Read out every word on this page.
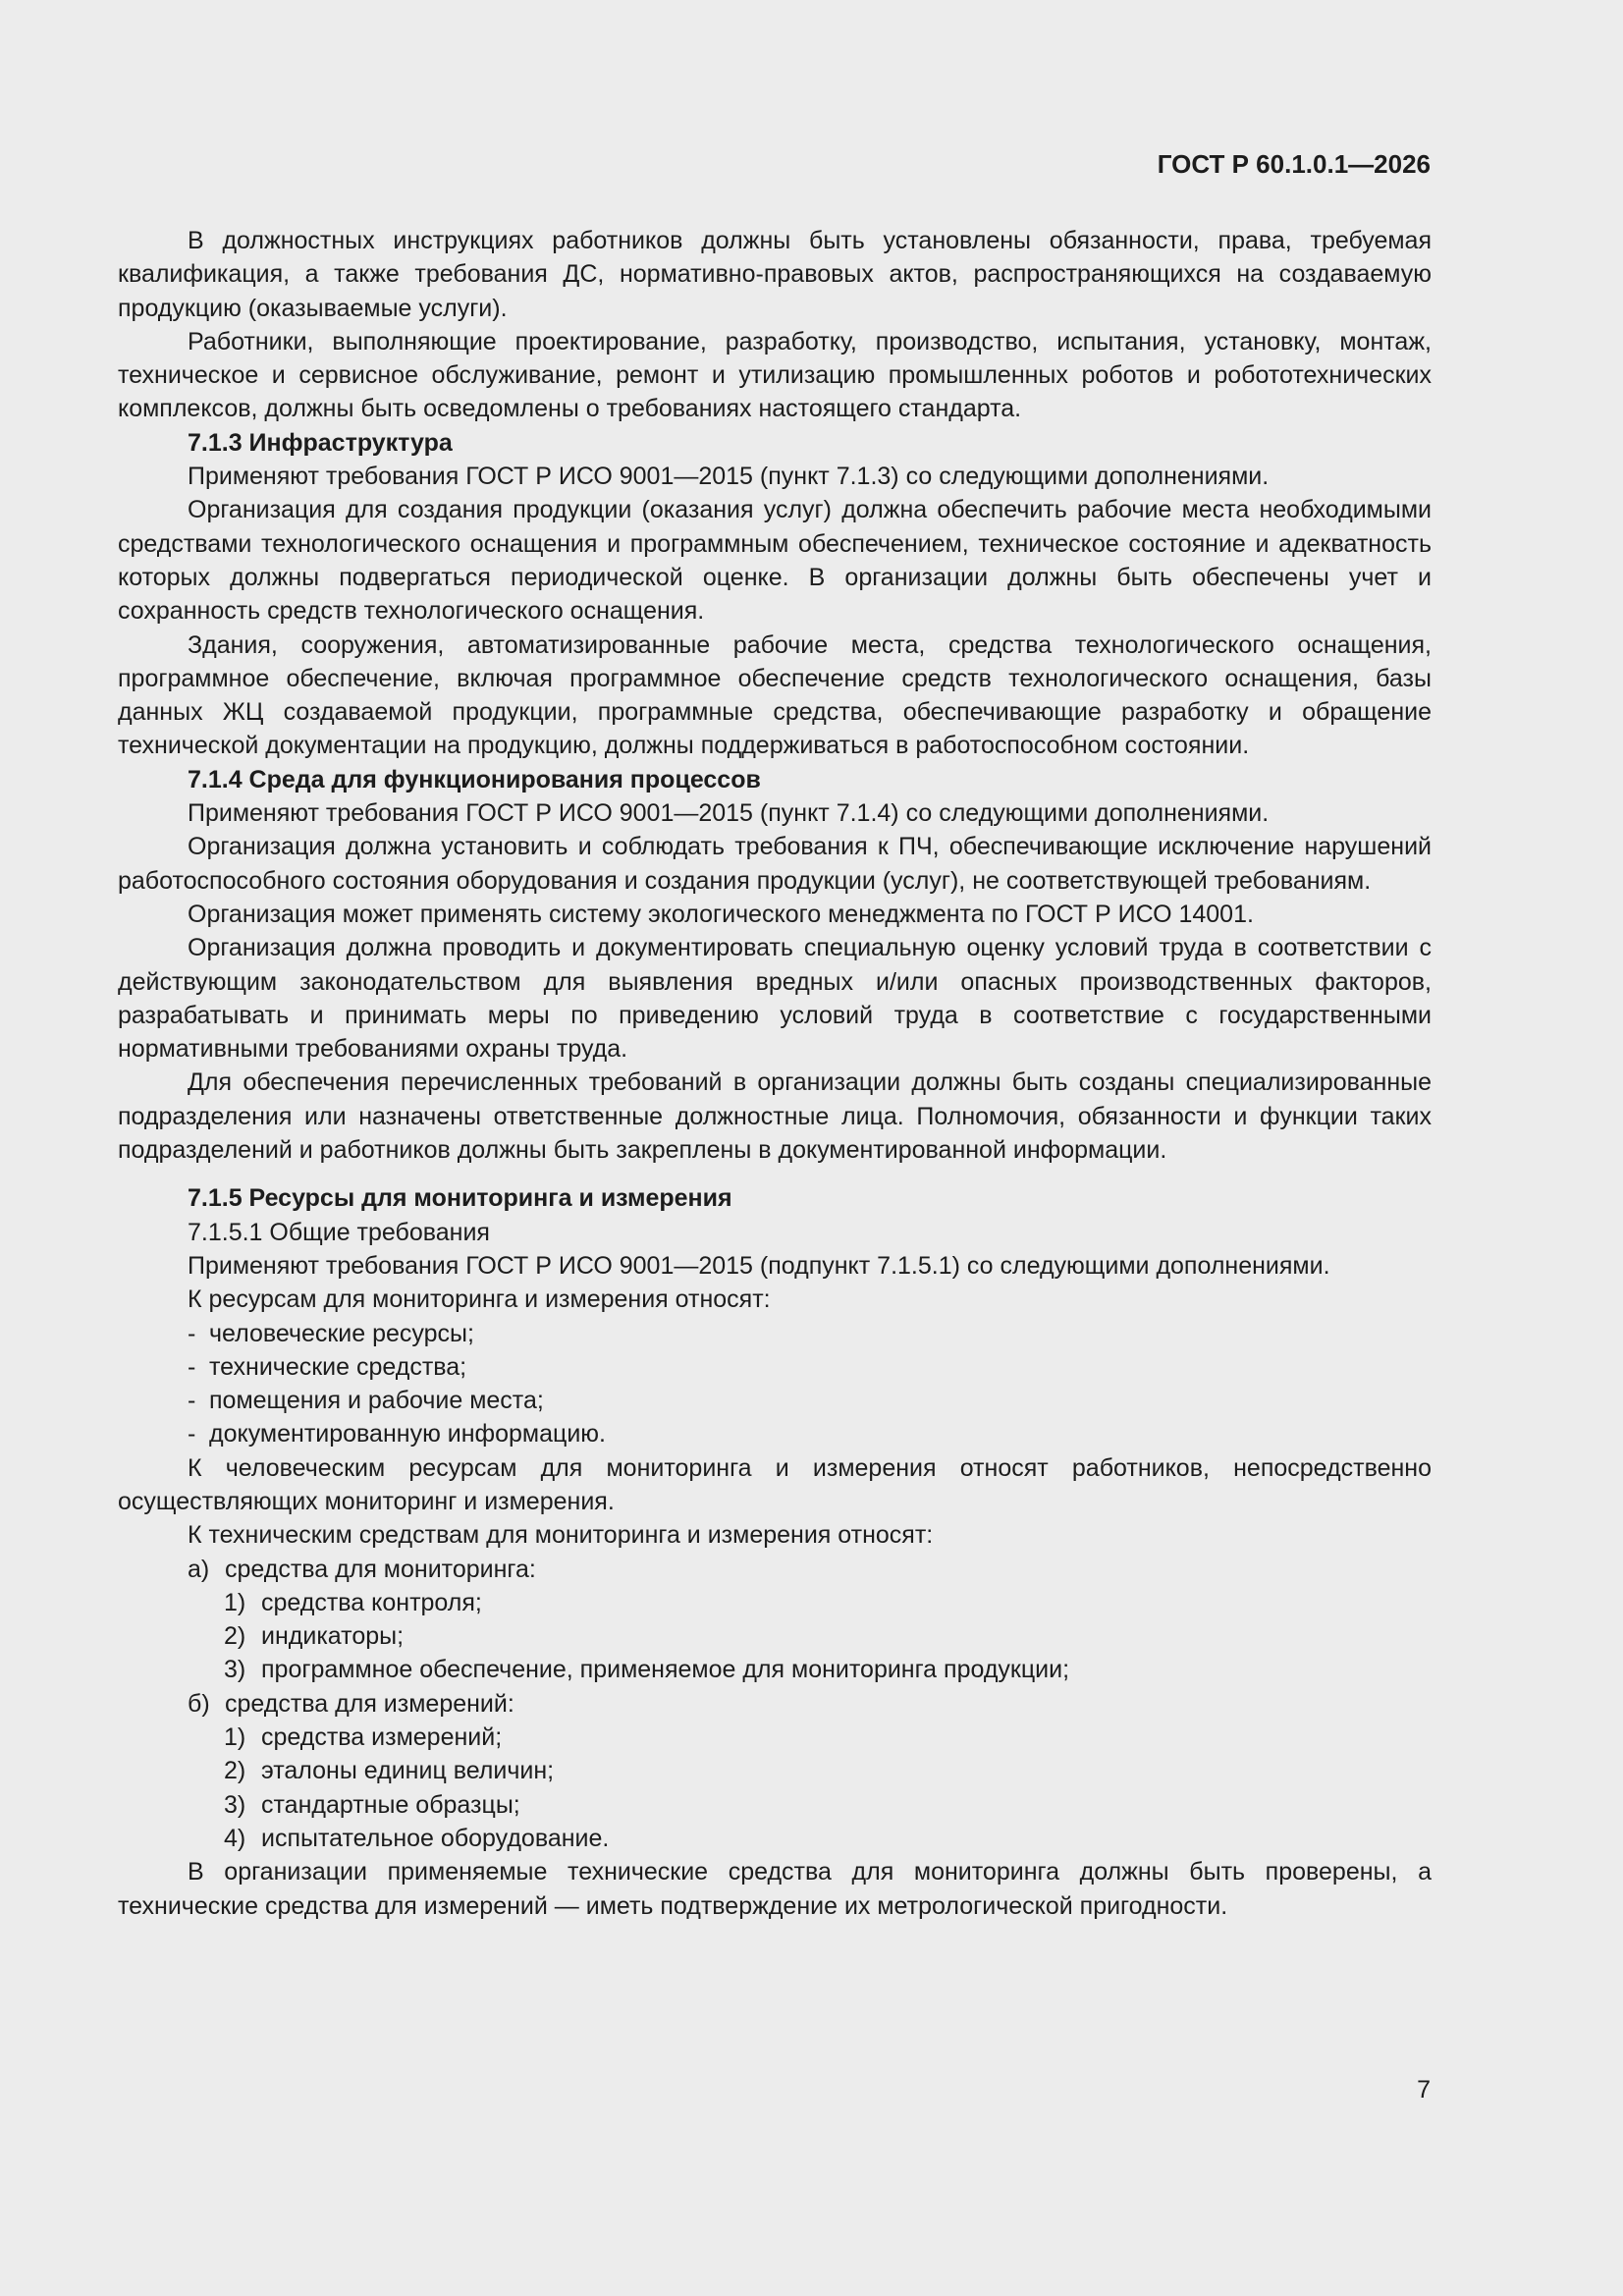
ГОСТ Р 60.1.0.1—2026

В должностных инструкциях работников должны быть установлены обязанности, права, требуемая квалификация, а также требования ДС, нормативно-правовых актов, распространяющихся на создаваемую продукцию (оказываемые услуги).

Работники, выполняющие проектирование, разработку, производство, испытания, установку, монтаж, техническое и сервисное обслуживание, ремонт и утилизацию промышленных роботов и робототехнических комплексов, должны быть осведомлены о требованиях настоящего стандарта.

7.1.3 Инфраструктура

Применяют требования ГОСТ Р ИСО 9001—2015 (пункт 7.1.3) со следующими дополнениями.

Организация для создания продукции (оказания услуг) должна обеспечить рабочие места необходимыми средствами технологического оснащения и программным обеспечением, техническое состояние и адекватность которых должны подвергаться периодической оценке. В организации должны быть обеспечены учет и сохранность средств технологического оснащения.

Здания, сооружения, автоматизированные рабочие места, средства технологического оснащения, программное обеспечение, включая программное обеспечение средств технологического оснащения, базы данных ЖЦ создаваемой продукции, программные средства, обеспечивающие разработку и обращение технической документации на продукцию, должны поддерживаться в работоспособном состоянии.

7.1.4 Среда для функционирования процессов

Применяют требования ГОСТ Р ИСО 9001—2015 (пункт 7.1.4) со следующими дополнениями.

Организация должна установить и соблюдать требования к ПЧ, обеспечивающие исключение нарушений работоспособного состояния оборудования и создания продукции (услуг), не соответствующей требованиям.

Организация может применять систему экологического менеджмента по ГОСТ Р ИСО 14001.

Организация должна проводить и документировать специальную оценку условий труда в соответствии с действующим законодательством для выявления вредных и/или опасных производственных факторов, разрабатывать и принимать меры по приведению условий труда в соответствие с государственными нормативными требованиями охраны труда.

Для обеспечения перечисленных требований в организации должны быть созданы специализированные подразделения или назначены ответственные должностные лица. Полномочия, обязанности и функции таких подразделений и работников должны быть закреплены в документированной информации.

7.1.5 Ресурсы для мониторинга и измерения

7.1.5.1 Общие требования

Применяют требования ГОСТ Р ИСО 9001—2015 (подпункт 7.1.5.1) со следующими дополнениями.

К ресурсам для мониторинга и измерения относят:

- человеческие ресурсы;

- технические средства;

- помещения и рабочие места;

- документированную информацию.

К человеческим ресурсам для мониторинга и измерения относят работников, непосредственно осуществляющих мониторинг и измерения.

К техническим средствам для мониторинга и измерения относят:

а) средства для мониторинга:

1) средства контроля;

2) индикаторы;

3) программное обеспечение, применяемое для мониторинга продукции;

б) средства для измерений:

1) средства измерений;

2) эталоны единиц величин;

3) стандартные образцы;

4) испытательное оборудование.

В организации применяемые технические средства для мониторинга должны быть проверены, а технические средства для измерений — иметь подтверждение их метрологической пригодности.

7
